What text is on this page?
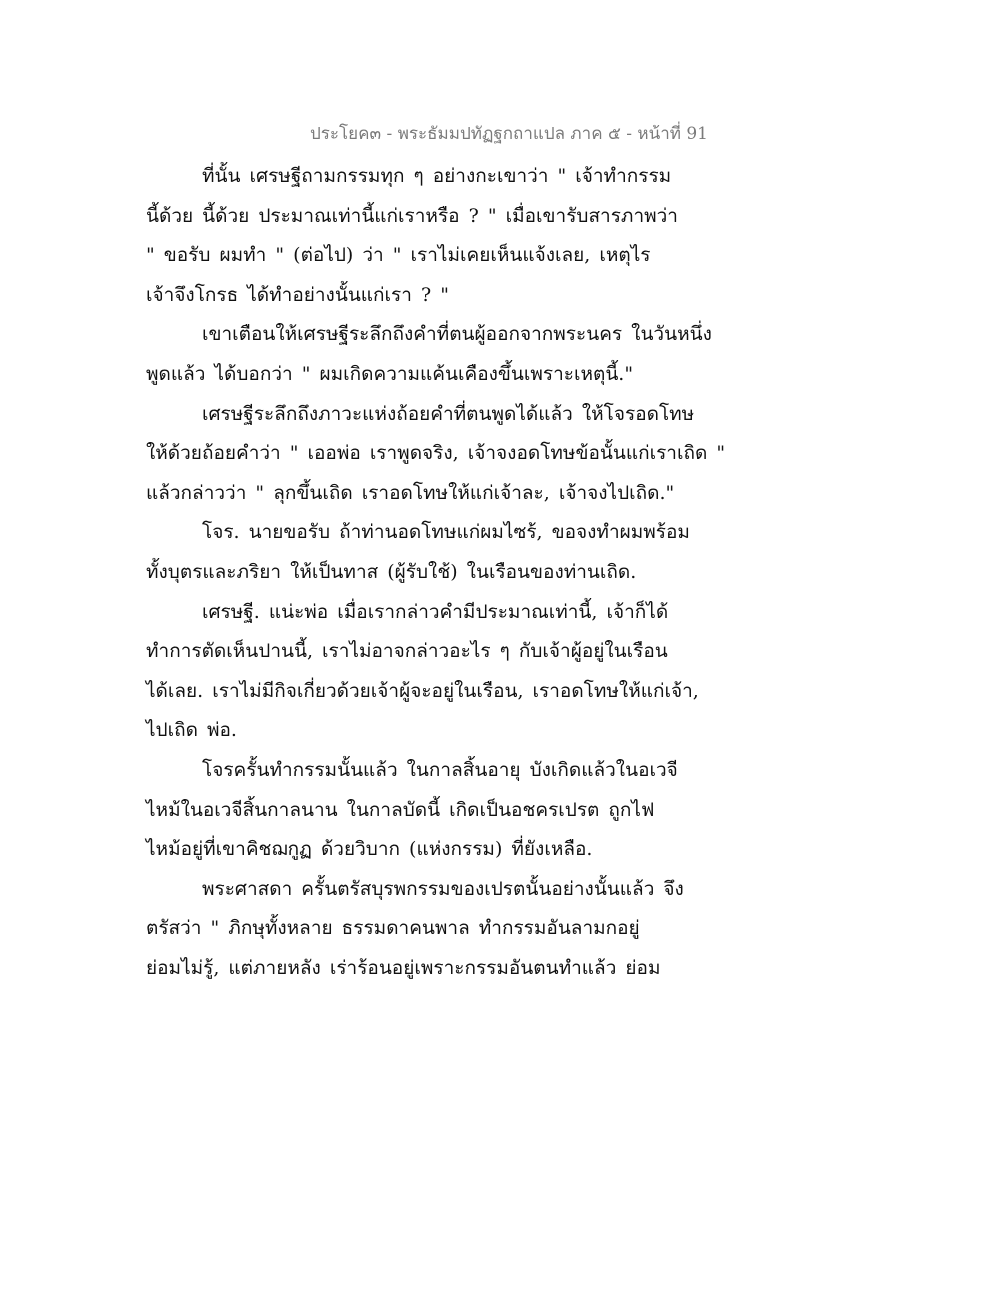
ประโยค๓ - พระธัมมปทัฏฐกถาแปล ภาค ๕ - หน้าที่ 91
ที่นั้น เศรษฐีถามกรรมทุก ๆ อย่างกะเขาว่า " เจ้าทำกรรม
นี้ด้วย นี้ด้วย ประมาณเท่านี้แก่เราหรือ ? " เมื่อเขารับสารภาพว่า
" ขอรับ ผมทำ " (ต่อไป) ว่า " เราไม่เคยเห็นแจ้งเลย, เหตุไร
เจ้าจึงโกรธ ได้ทำอย่างนั้นแก่เรา ? "
เขาเตือนให้เศรษฐีระลึกถึงคำที่ตนผู้ออกจากพระนคร ในวันหนึ่ง
พูดแล้ว ได้บอกว่า " ผมเกิดความแค้นเคืองขึ้นเพราะเหตุนี้."
เศรษฐีระลึกถึงภาวะแห่งถ้อยคำที่ตนพูดได้แล้ว ให้โจรอดโทษ
ให้ด้วยถ้อยคำว่า " เออพ่อ เราพูดจริง, เจ้าจงอดโทษข้อนั้นแก่เราเถิด "
แล้วกล่าวว่า " ลุกขึ้นเถิด เราอดโทษให้แก่เจ้าละ, เจ้าจงไปเถิด."
โจร. นายขอรับ ถ้าท่านอดโทษแก่ผมไซร้, ขอจงทำผมพร้อม
ทั้งบุตรและภริยา ให้เป็นทาส (ผู้รับใช้) ในเรือนของท่านเถิด.
เศรษฐี. แน่ะพ่อ เมื่อเรากล่าวคำมีประมาณเท่านี้, เจ้าก็ได้
ทำการตัดเห็นปานนี้, เราไม่อาจกล่าวอะไร ๆ กับเจ้าผู้อยู่ในเรือน
ได้เลย. เราไม่มีกิจเกี่ยวด้วยเจ้าผู้จะอยู่ในเรือน, เราอดโทษให้แก่เจ้า,
ไปเถิด พ่อ.
โจรครั้นทำกรรมนั้นแล้ว ในกาลสิ้นอายุ บังเกิดแล้วในอเวจี
ไหม้ในอเวจีสิ้นกาลนาน ในกาลบัดนี้ เกิดเป็นอชครเปรต ถูกไฟ
ไหม้อยู่ที่เขาคิชฌกูฏ ด้วยวิบาก (แห่งกรรม) ที่ยังเหลือ.
พระศาสดา ครั้นตรัสบุรพกรรมของเปรตนั้นอย่างนั้นแล้ว จึง
ตรัสว่า " ภิกษุทั้งหลาย ธรรมดาคนพาล ทำกรรมอันลามกอยู่
ย่อมไม่รู้, แต่ภายหลัง เร่าร้อนอยู่เพราะกรรมอันตนทำแล้ว ย่อม
